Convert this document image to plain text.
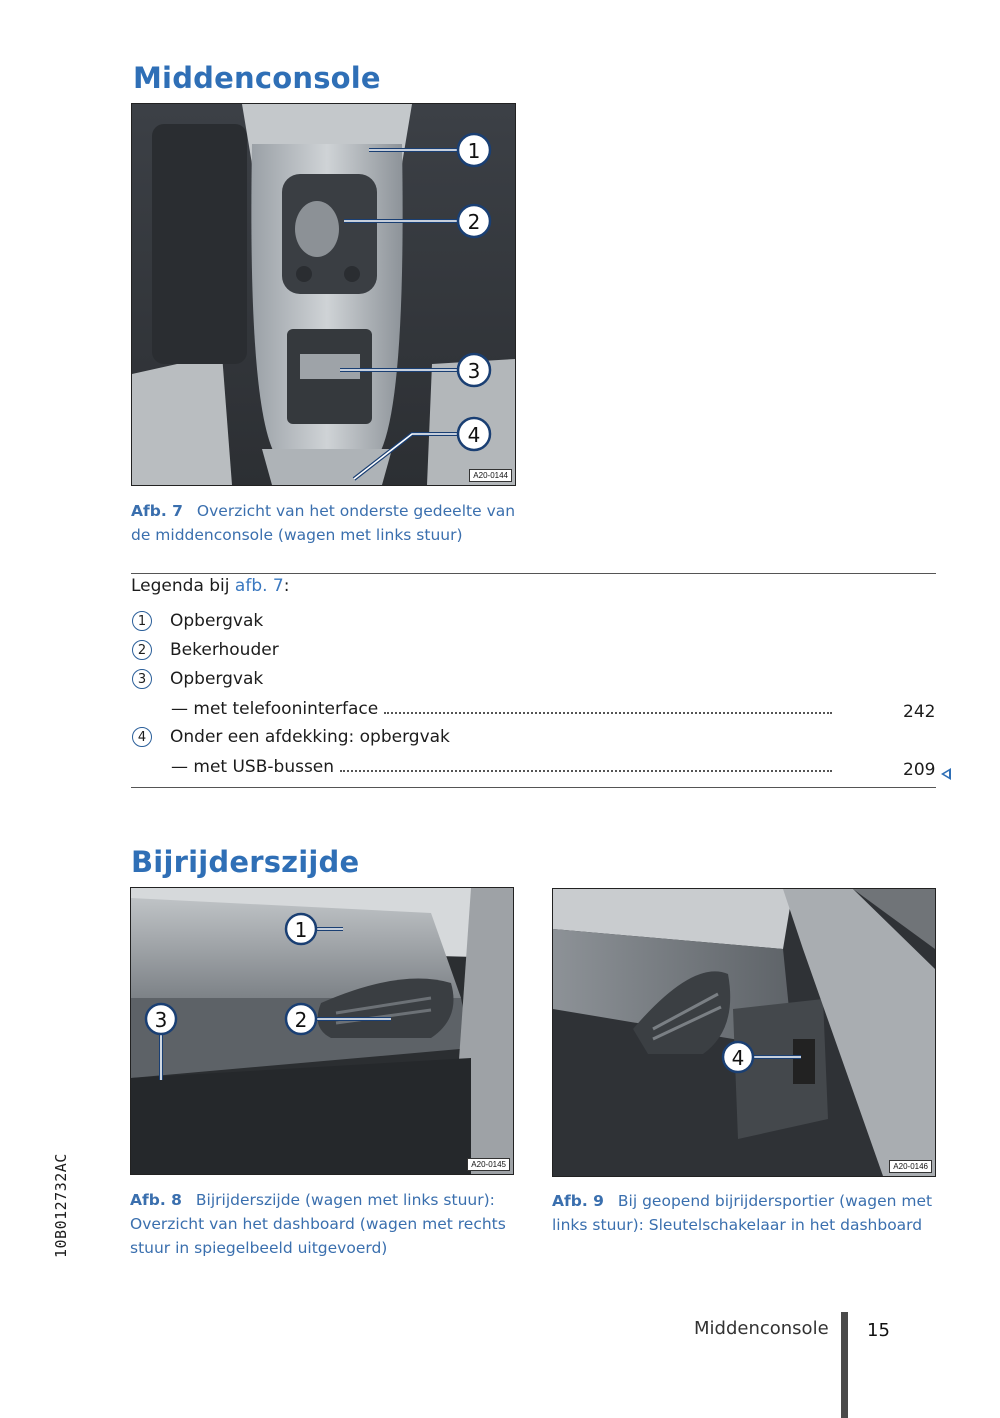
Middenconsole
1
2
3
4
A20-0144
Afb. 7 Overzicht van het onderste gedeelte van
de middenconsole (wagen met links stuur)
Legenda bij afb. 7:
1	Opbergvak
2	Bekerhouder
3	Opbergvak
— met telefooninterface	242
4	Onder een afdekking: opbergvak
— met USB-bussen	209
Bijrijderszijde
1
2
3
A20-0145
4
A20-0146
Afb. 8 Bijrijderszijde (wagen met links stuur):
Overzicht van het dashboard (wagen met rechts
stuur in spiegelbeeld uitgevoerd)
Afb. 9 Bij geopend bijrijdersportier (wagen met
links stuur): Sleutelschakelaar in het dashboard
10B012732AC
Middenconsole 15
